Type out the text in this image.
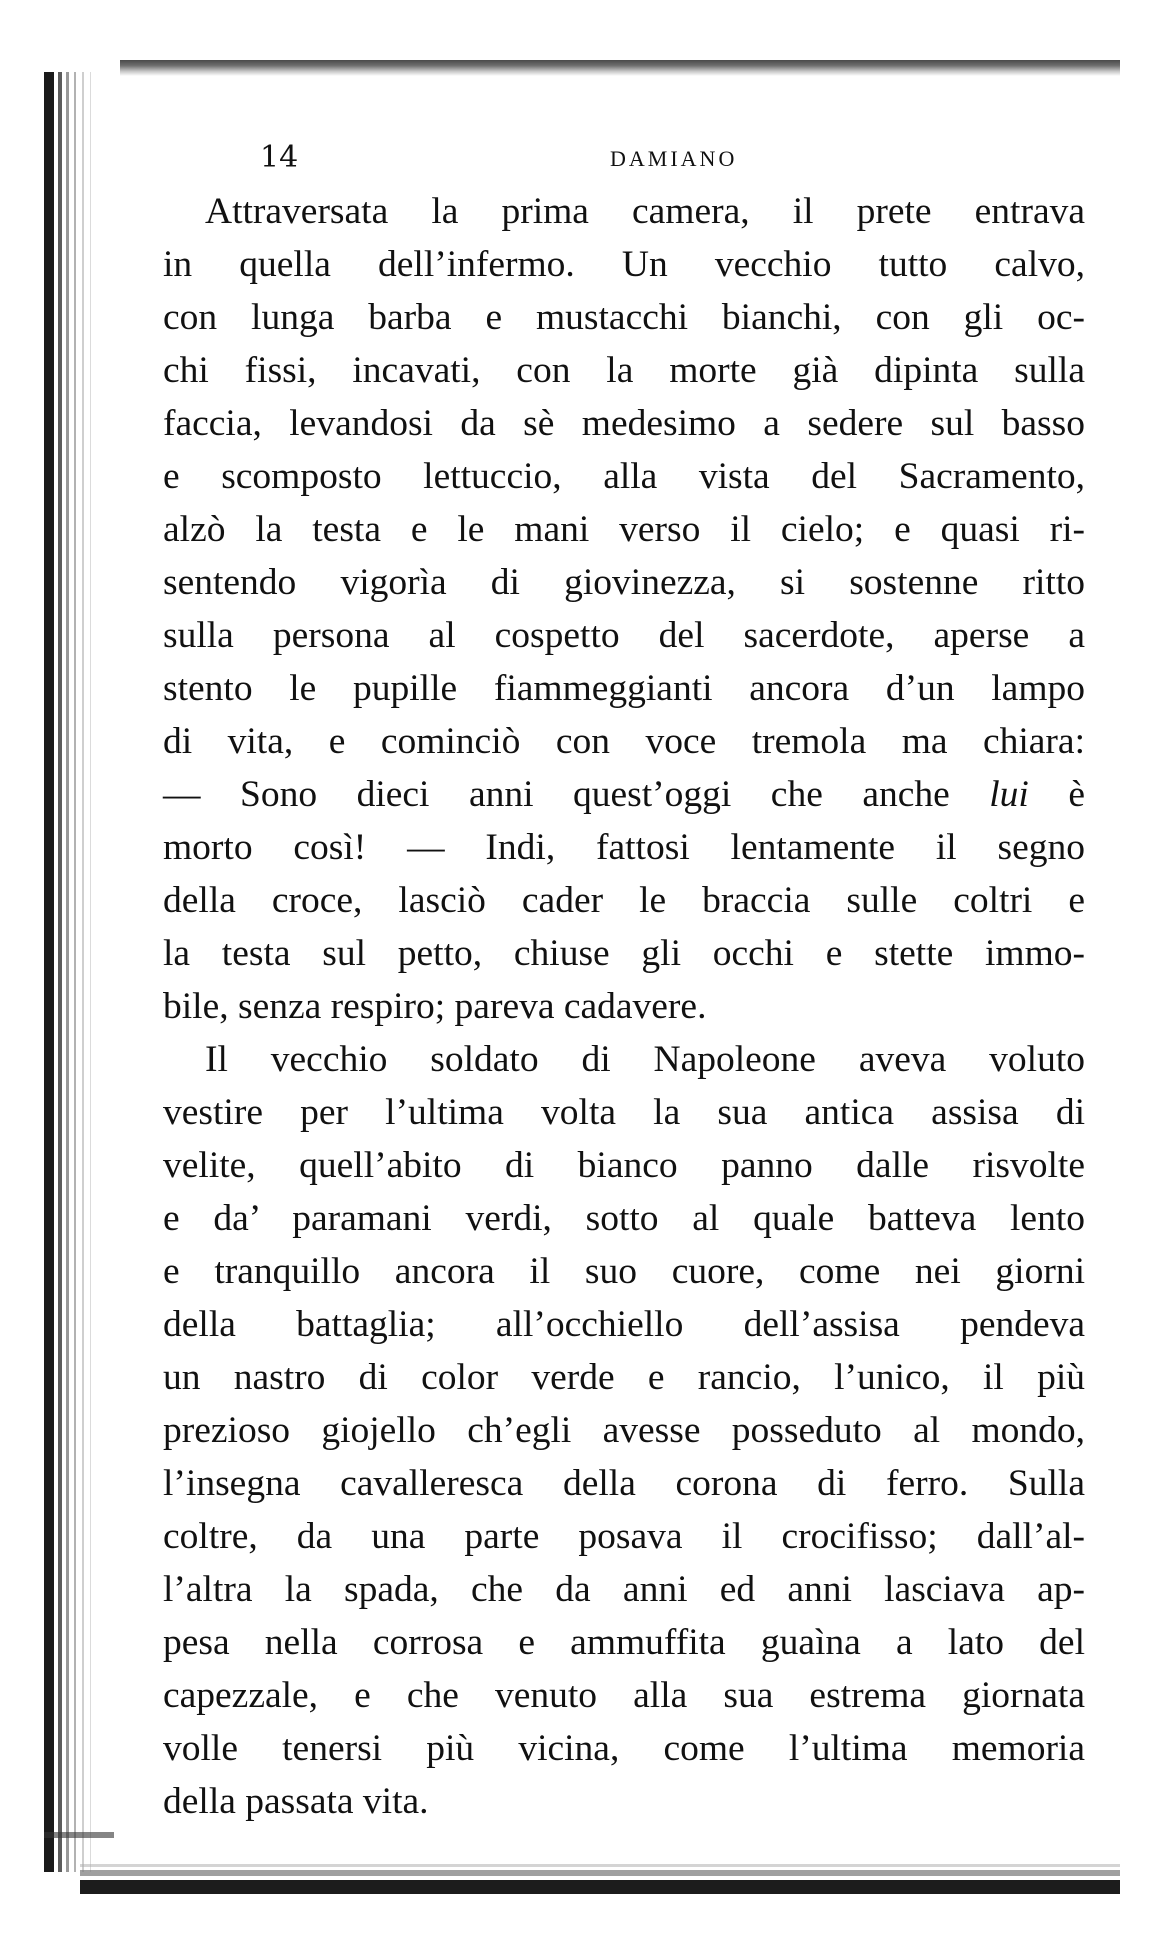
14	DAMIANO
Attraversata la prima camera, il prete entrava
in quella dell’infermo. Un vecchio tutto calvo,
con lunga barba e mustacchi bianchi, con gli oc-
chi fissi, incavati, con la morte già dipinta sulla
faccia, levandosi da sè medesimo a sedere sul basso
e scomposto lettuccio, alla vista del Sacramento,
alzò la testa e le mani verso il cielo; e quasi ri-
sentendo vigorìa di giovinezza, si sostenne ritto
sulla persona al cospetto del sacerdote, aperse a
stento le pupille fiammeggianti ancora d’un lampo
di vita, e cominciò con voce tremola ma chiara:
— Sono dieci anni quest’oggi che anche lui è
morto così! — Indi, fattosi lentamente il segno
della croce, lasciò cader le braccia sulle coltri e
la testa sul petto, chiuse gli occhi e stette immo-
bile, senza respiro; pareva cadavere.
Il vecchio soldato di Napoleone aveva voluto
vestire per l’ultima volta la sua antica assisa di
velite, quell’abito di bianco panno dalle risvolte
e da’ paramani verdi, sotto al quale batteva lento
e tranquillo ancora il suo cuore, come nei giorni
della battaglia; all’occhiello dell’assisa pendeva
un nastro di color verde e rancio, l’unico, il più
prezioso giojello ch’egli avesse posseduto al mondo,
l’insegna cavalleresca della corona di ferro. Sulla
coltre, da una parte posava il crocifisso; dall’al-
l’altra la spada, che da anni ed anni lasciava ap-
pesa nella corrosa e ammuffita guaìna a lato del
capezzale, e che venuto alla sua estrema giornata
volle tenersi più vicina, come l’ultima memoria
della passata vita.
